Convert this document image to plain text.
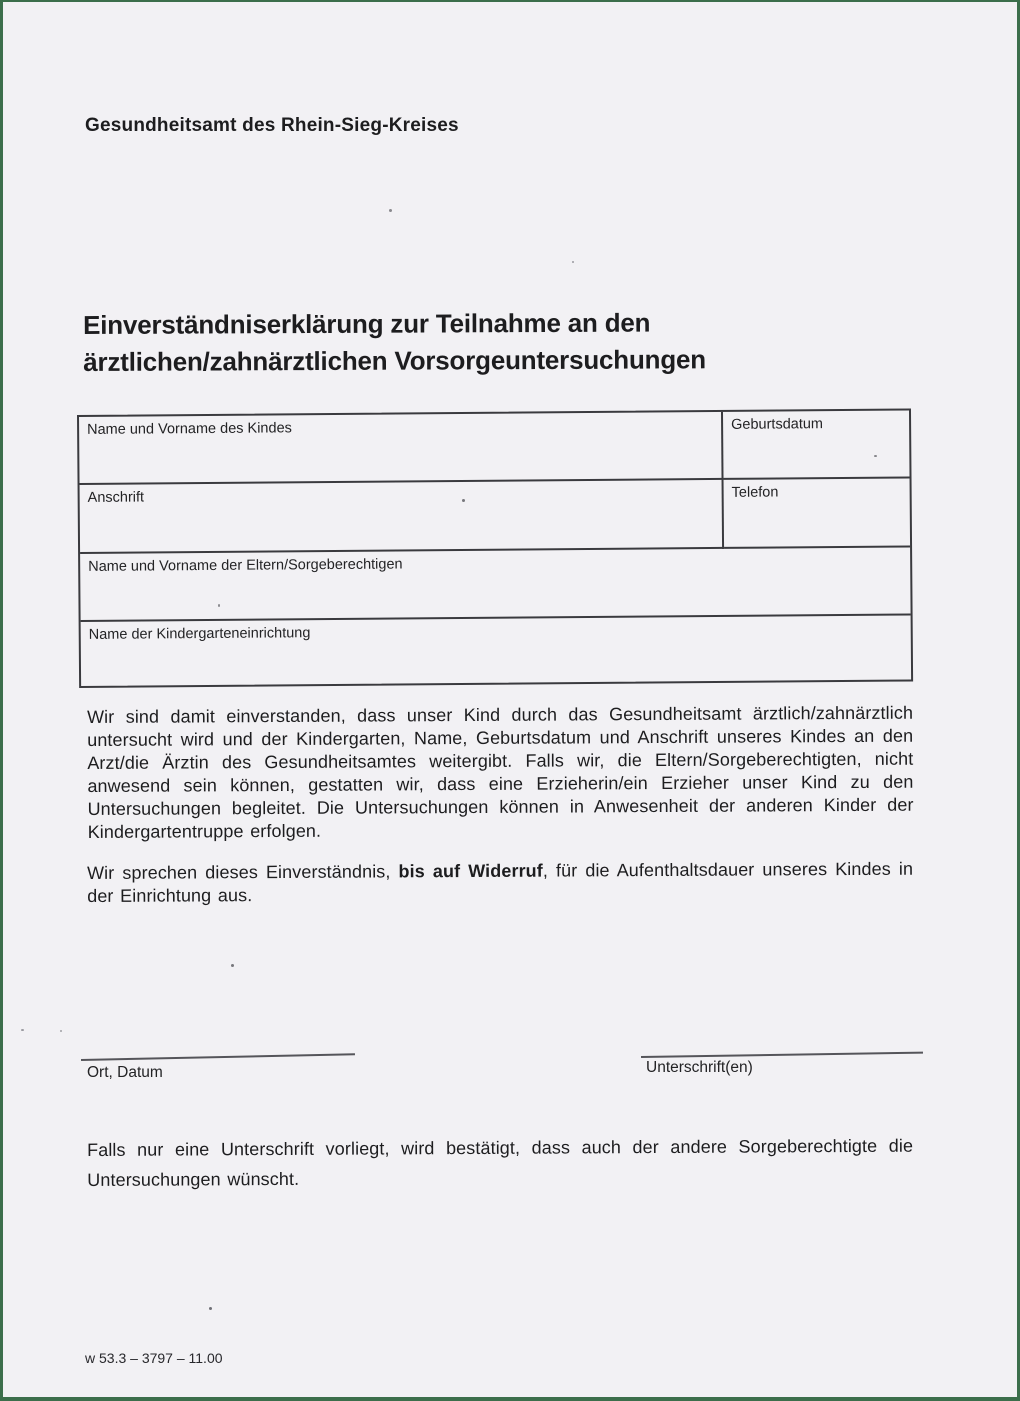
Gesundheitsamt des Rhein-Sieg-Kreises
Einverständniserklärung zur Teilnahme an den
ärztlichen/zahnärztlichen Vorsorgeuntersuchungen
Name und Vorname des Kindes	Geburtsdatum
Anschrift	Telefon
Name und Vorname der Eltern/Sorgeberechtigen
Name der Kindergarteneinrichtung

Wir sind damit einverstanden, dass unser Kind durch das Gesundheitsamt ärztlich/zahnärztlich untersucht wird und der Kindergarten, Name, Geburtsdatum und Anschrift unseres Kindes an den Arzt/die Ärztin des Gesundheitsamtes weitergibt. Falls wir, die Eltern/Sorgeberechtigten, nicht anwesend sein können, gestatten wir, dass eine Erzieherin/ein Erzieher unser Kind zu den Untersuchungen begleitet. Die Untersuchungen können in Anwesenheit der anderen Kinder der Kindergartentruppe erfolgen.

Wir sprechen dieses Einverständnis, bis auf Widerruf, für die Aufenthaltsdauer unseres Kindes in der Einrichtung aus.

Ort, Datum	Unterschrift(en)

Falls nur eine Unterschrift vorliegt, wird bestätigt, dass auch der andere Sorgeberechtigte die Untersuchungen wünscht.

w 53.3 – 3797 – 11.00
